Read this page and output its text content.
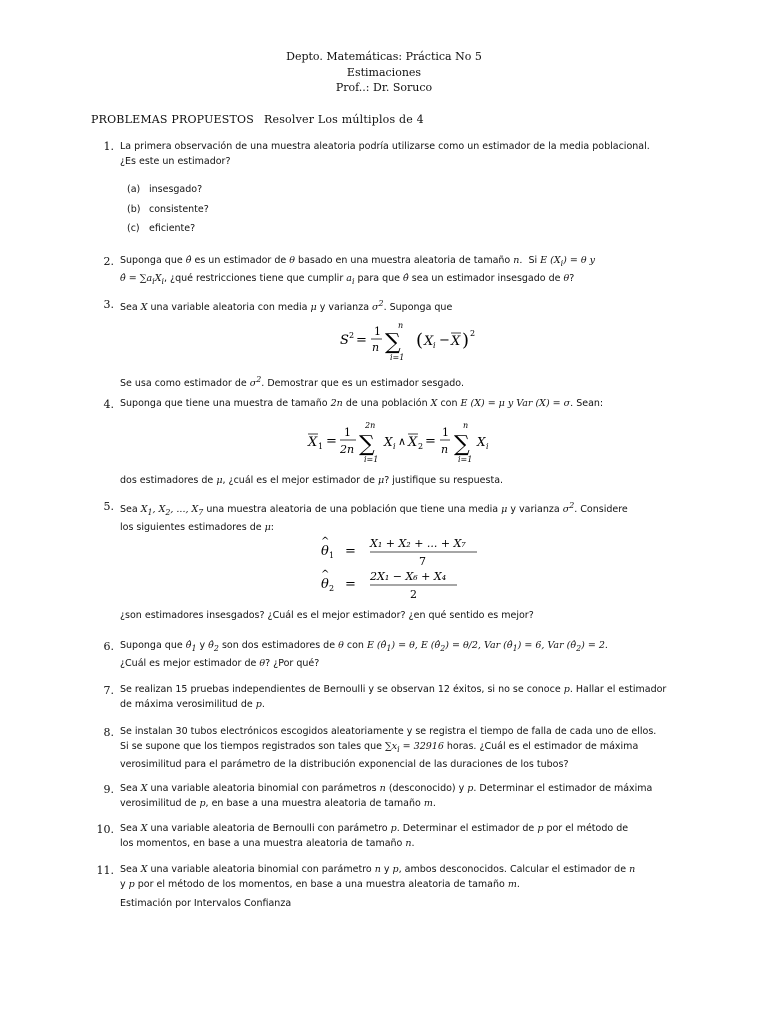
Depto. Matemáticas: Práctica No 5
Estimaciones
Prof..: Dr. Soruco
PROBLEMAS PROPUESTOS Resolver Los múltiplos de 4
1. La primera observación de una muestra aleatoria podría utilizarse como un estimador de la media poblacional.
¿Es este un estimador?
(a) insesgado?
(b) consistente?
(c) eficiente?
2. Suponga que θ̂ es un estimador de θ basado en una muestra aleatoria de tamaño n. Si E $(X_i) = \theta$ y
θ̂ = $\sum a_iX_i$, ¿qué restricciones tiene que cumplir $a_i$ para que θ̂ sea un estimador insesgado de θ?
3. Sea X una variable aleatoria con media μ y varianza $\sigma^2$. Suponga que
S 2 =
1
n
n
∑
i=1
( X i − X ) 2
Se usa como estimador de $\sigma^2$. Demostrar que es un estimador sesgado.
4. Suponga que tiene una muestra de tamaño 2n de una población X con E (X) = μ y Var (X) = σ. Sean:
X 1 =
1
2n
2n
∑
i=1
X i ∧ X 2 =
1
n
n
∑
i=1
X i
dos estimadores de μ, ¿cuál es el mejor estimador de μ? justifique su respuesta.
5. Sea $X_1$, $X_2$, ..., $X_7$ una muestra aleatoria de una población que tiene una media μ y varianza $\sigma^2$. Considere
los siguientes estimadores de μ:
θ
^
1 =
X₁ + X₂ + ... + X₇
7
θ
^
2 =
2X₁ − X₆ + X₄
2
¿son estimadores insesgados? ¿Cuál es el mejor estimador? ¿en qué sentido es mejor?
6. Suponga que $\thetâ_1$ y $\thetâ_2$ son dos estimadores de θ con E $(\thetâ_1) = \theta$, E $(\thetâ_2) = \theta/2$, Var $(\thetâ_1) = 6$, Var $(\thetâ_2) = 2$.
¿Cuál es mejor estimador de θ? ¿Por qué?
7. Se realizan 15 pruebas independientes de Bernoulli y se observan 12 éxitos, si no se conoce p. Hallar el estimador
de máxima verosimilitud de p.
8. Se instalan 30 tubos electrónicos escogidos aleatoriamente y se registra el tiempo de falla de cada uno de ellos.
Si se supone que los tiempos registrados son tales que $\sum x_i = 32916$ horas. ¿Cuál es el estimador de máxima
verosimilitud para el parámetro de la distribución exponencial de las duraciones de los tubos?
9. Sea X una variable aleatoria binomial con parámetros n (desconocido) y p. Determinar el estimador de máxima
verosimilitud de p, en base a una muestra aleatoria de tamaño m.
10. Sea X una variable aleatoria de Bernoulli con parámetro p. Determinar el estimador de p por el método de
los momentos, en base a una muestra aleatoria de tamaño n.
11. Sea X una variable aleatoria binomial con parámetro n y p, ambos desconocidos. Calcular el estimador de n
y p por el método de los momentos, en base a una muestra aleatoria de tamaño m.
Estimación por Intervalos Confianza
